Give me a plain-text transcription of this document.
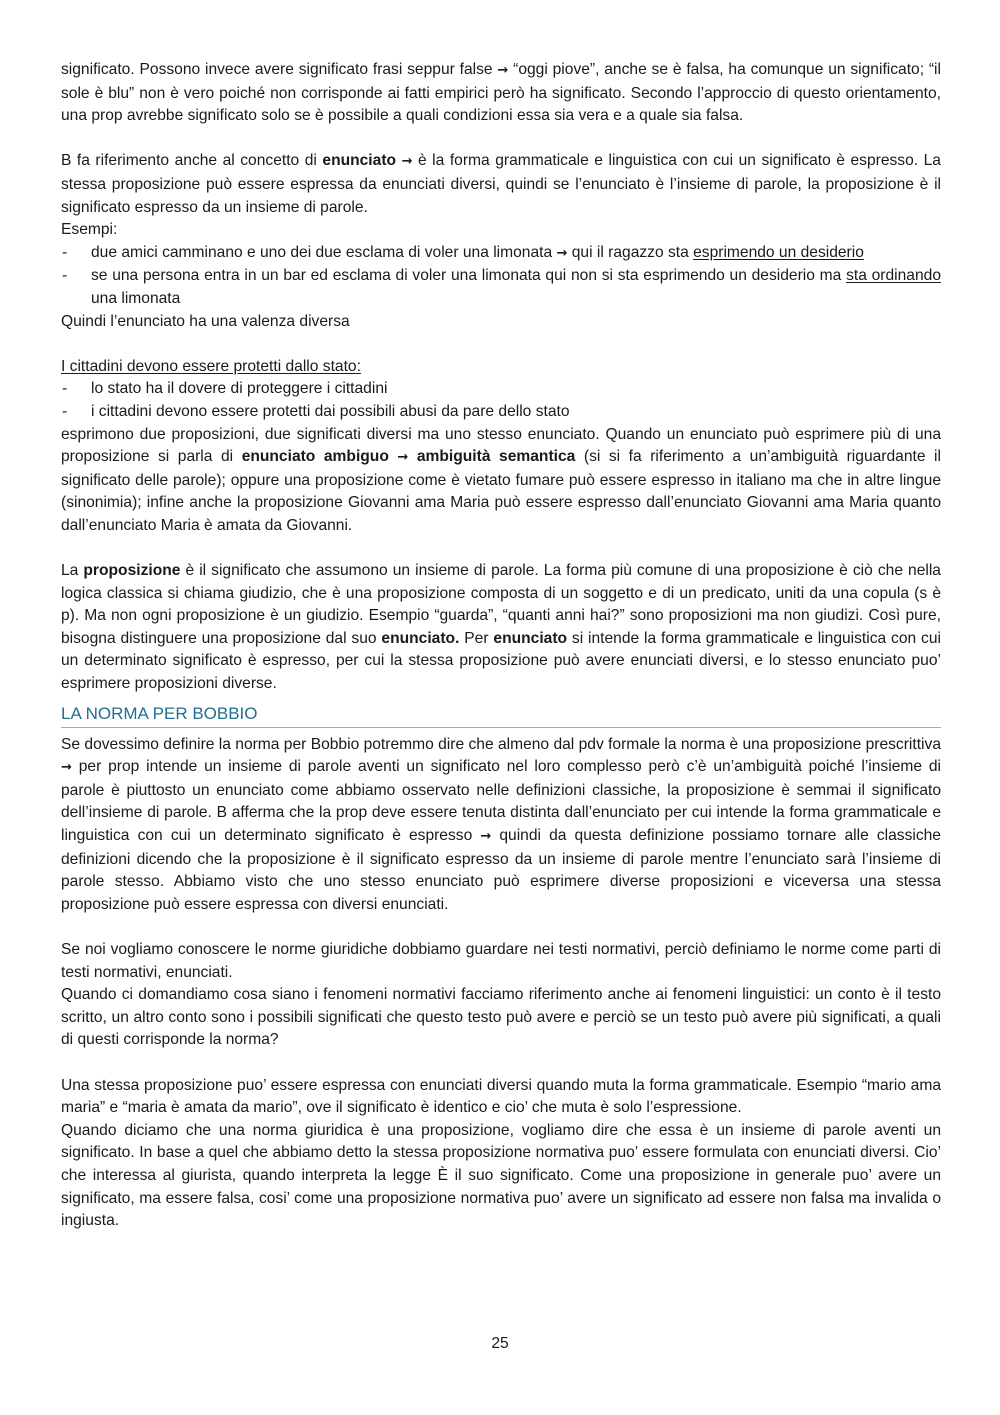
significato. Possono invece avere significato frasi seppur false → “oggi piove”, anche se è falsa, ha comunque un significato; “il sole è blu” non è vero poiché non corrisponde ai fatti empirici però ha significato. Secondo l’approccio di questo orientamento, una prop avrebbe significato solo se è possibile a quali condizioni essa sia vera e a quale sia falsa.

B fa riferimento anche al concetto di enunciato → è la forma grammaticale e linguistica con cui un significato è espresso. La stessa proposizione può essere espressa da enunciati diversi, quindi se l’enunciato è l’insieme di parole, la proposizione è il significato espresso da un insieme di parole.

Esempi:

- due amici camminano e uno dei due esclama di voler una limonata → qui il ragazzo sta esprimendo un desiderio
- se una persona entra in un bar ed esclama di voler una limonata qui non si sta esprimendo un desiderio ma sta ordinando una limonata

Quindi l’enunciato ha una valenza diversa

I cittadini devono essere protetti dallo stato:

- lo stato ha il dovere di proteggere i cittadini
- i cittadini devono essere protetti dai possibili abusi da pare dello stato

esprimono due proposizioni, due significati diversi ma uno stesso enunciato. Quando un enunciato può esprimere più di una proposizione si parla di enunciato ambiguo → ambiguità semantica (si si fa riferimento a un’ambiguità riguardante il significato delle parole); oppure una proposizione come è vietato fumare può essere espresso in italiano ma che in altre lingue (sinonimia); infine anche la proposizione Giovanni ama Maria può essere espresso dall’enunciato Giovanni ama Maria quanto dall’enunciato Maria è amata da Giovanni.

La proposizione è il significato che assumono un insieme di parole. La forma più comune di una proposizione è ciò che nella logica classica si chiama giudizio, che è una proposizione composta di un soggetto e di un predicato, uniti da una copula (s è p). Ma non ogni proposizione è un giudizio. Esempio “guarda”, “quanti anni hai?” sono proposizioni ma non giudizi. Così pure, bisogna distinguere una proposizione dal suo enunciato. Per enunciato si intende la forma grammaticale e linguistica con cui un determinato significato è espresso, per cui la stessa proposizione può avere enunciati diversi, e lo stesso enunciato puo’ esprimere proposizioni diverse.

LA NORMA PER BOBBIO

Se dovessimo definire la norma per Bobbio potremmo dire che almeno dal pdv formale la norma è una proposizione prescrittiva → per prop intende un insieme di parole aventi un significato nel loro complesso però c’è un’ambiguità poiché l’insieme di parole è piuttosto un enunciato come abbiamo osservato nelle definizioni classiche, la proposizione è semmai il significato dell’insieme di parole. B afferma che la prop deve essere tenuta distinta dall’enunciato per cui intende la forma grammaticale e linguistica con cui un determinato significato è espresso → quindi da questa definizione possiamo tornare alle classiche definizioni dicendo che la proposizione è il significato espresso da un insieme di parole mentre l’enunciato sarà l’insieme di parole stesso. Abbiamo visto che uno stesso enunciato può esprimere diverse proposizioni e viceversa una stessa proposizione può essere espressa con diversi enunciati.

Se noi vogliamo conoscere le norme giuridiche dobbiamo guardare nei testi normativi, perciò definiamo le norme come parti di testi normativi, enunciati.

Quando ci domandiamo cosa siano i fenomeni normativi facciamo riferimento anche ai fenomeni linguistici: un conto è il testo scritto, un altro conto sono i possibili significati che questo testo può avere e perciò se un testo può avere più significati, a quali di questi corrisponde la norma?

Una stessa proposizione puo’ essere espressa con enunciati diversi quando muta la forma grammaticale. Esempio “mario ama maria” e “maria è amata da mario”, ove il significato è identico e cio’ che muta è solo l’espressione.

Quando diciamo che una norma giuridica è una proposizione, vogliamo dire che essa è un insieme di parole aventi un significato. In base a quel che abbiamo detto la stessa proposizione normativa puo’ essere formulata con enunciati diversi. Cio’ che interessa al giurista, quando interpreta la legge È il suo significato. Come una proposizione in generale puo’ avere un significato, ma essere falsa, cosi’ come una proposizione normativa puo’ avere un significato ad essere non falsa ma invalida o ingiusta.

25
